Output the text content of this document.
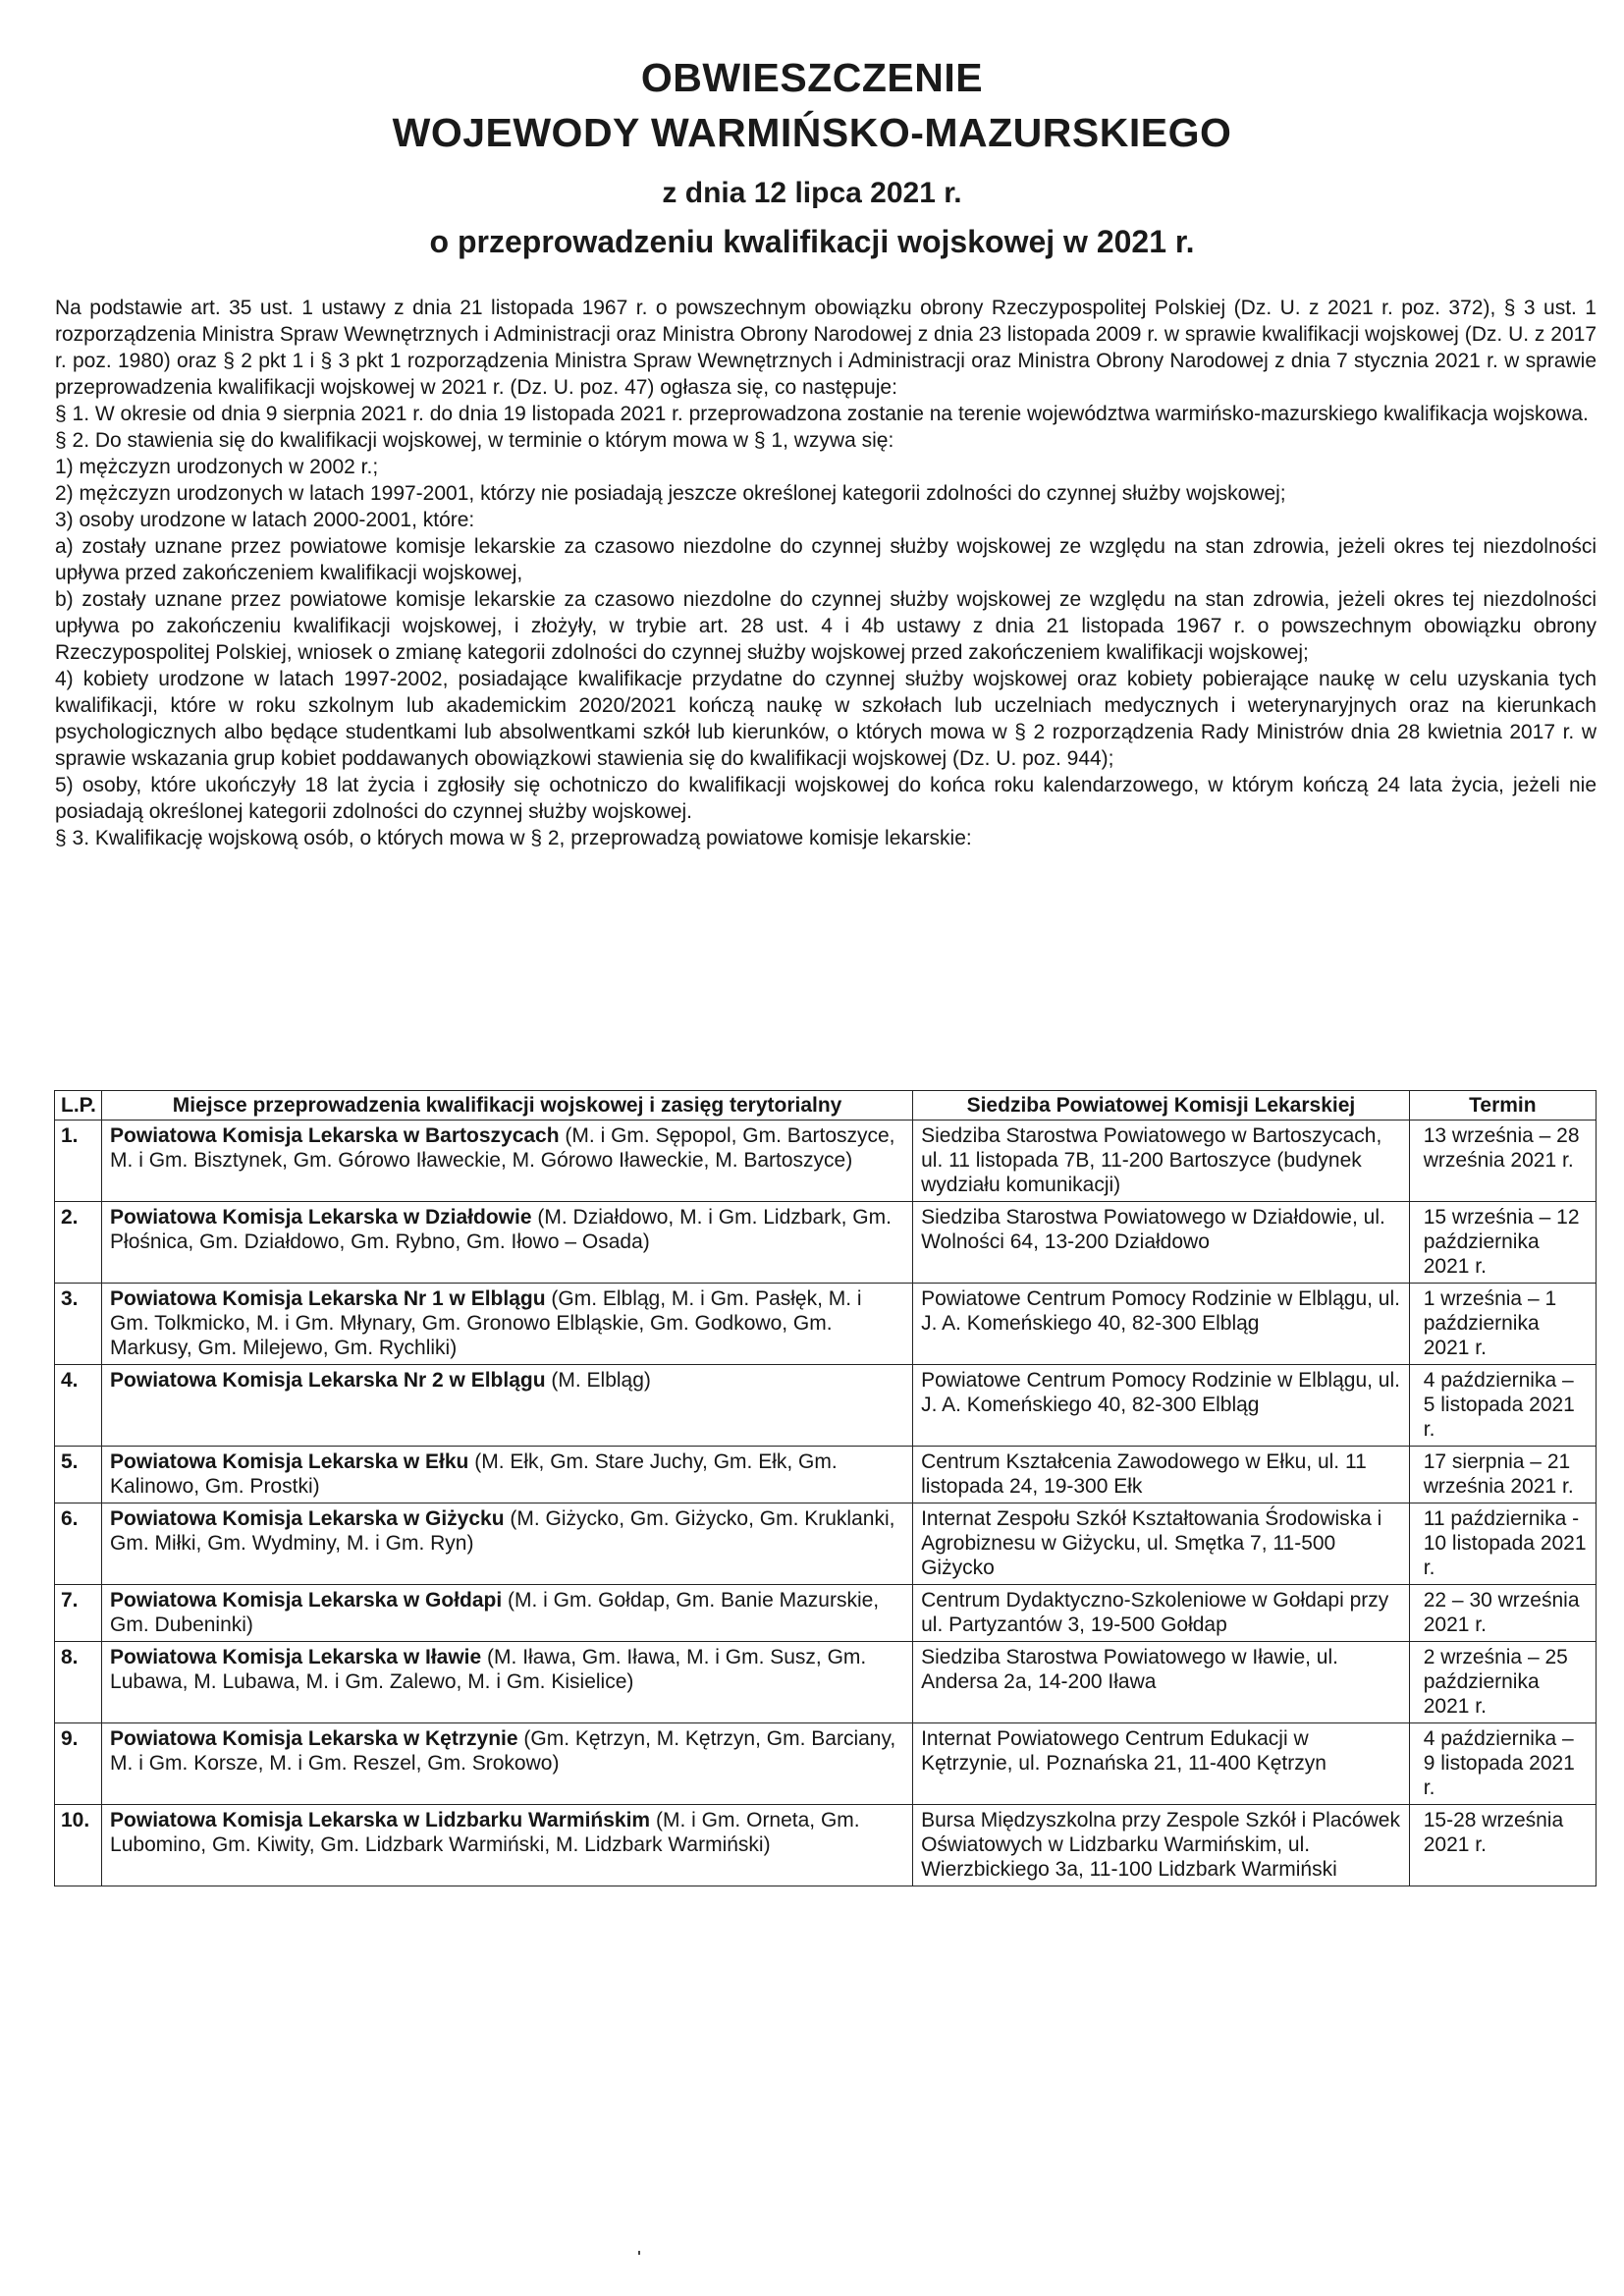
OBWIESZCZENIE
WOJEWODY WARMIŃSKO-MAZURSKIEGO
z dnia 12 lipca 2021 r.
o przeprowadzeniu kwalifikacji wojskowej w 2021 r.

Na podstawie art. 35 ust. 1 ustawy z dnia 21 listopada 1967 r. o powszechnym obowiązku obrony Rzeczypospolitej Polskiej (Dz. U. z 2021 r. poz. 372), § 3 ust. 1 rozporządzenia Ministra Spraw Wewnętrznych i Administracji oraz Ministra Obrony Narodowej z dnia 23 listopada 2009 r. w sprawie kwalifikacji wojskowej (Dz. U. z 2017 r. poz. 1980) oraz § 2 pkt 1 i § 3 pkt 1 rozporządzenia Ministra Spraw Wewnętrznych i Administracji oraz Ministra Obrony Narodowej z dnia 7 stycznia 2021 r. w sprawie przeprowadzenia kwalifikacji wojskowej w 2021 r. (Dz. U. poz. 47) ogłasza się, co następuje:

§ 1. W okresie od dnia 9 sierpnia 2021 r. do dnia 19 listopada 2021 r. przeprowadzona zostanie na terenie województwa warmińsko-mazurskiego kwalifikacja wojskowa.

§ 2. Do stawienia się do kwalifikacji wojskowej, w terminie o którym mowa w § 1, wzywa się:

1) mężczyzn urodzonych w 2002 r.;

2) mężczyzn urodzonych w latach 1997-2001, którzy nie posiadają jeszcze określonej kategorii zdolności do czynnej służby wojskowej;

3) osoby urodzone w latach 2000-2001, które:

a) zostały uznane przez powiatowe komisje lekarskie za czasowo niezdolne do czynnej służby wojskowej ze względu na stan zdrowia, jeżeli okres tej niezdolności upływa przed zakończeniem kwalifikacji wojskowej,

b) zostały uznane przez powiatowe komisje lekarskie za czasowo niezdolne do czynnej służby wojskowej ze względu na stan zdrowia, jeżeli okres tej niezdolności upływa po zakończeniu kwalifikacji wojskowej, i złożyły, w trybie art. 28 ust. 4 i 4b ustawy z dnia 21 listopada 1967 r. o powszechnym obowiązku obrony Rzeczypospolitej Polskiej, wniosek o zmianę kategorii zdolności do czynnej służby wojskowej przed zakończeniem kwalifikacji wojskowej;

4) kobiety urodzone w latach 1997-2002, posiadające kwalifikacje przydatne do czynnej służby wojskowej oraz kobiety pobierające naukę w celu uzyskania tych kwalifikacji, które w roku szkolnym lub akademickim 2020/2021 kończą naukę w szkołach lub uczelniach medycznych i weterynaryjnych oraz na kierunkach psychologicznych albo będące studentkami lub absolwentkami szkół lub kierunków, o których mowa w § 2 rozporządzenia Rady Ministrów dnia 28 kwietnia 2017 r. w sprawie wskazania grup kobiet poddawanych obowiązkowi stawienia się do kwalifikacji wojskowej (Dz. U. poz. 944);

5) osoby, które ukończyły 18 lat życia i zgłosiły się ochotniczo do kwalifikacji wojskowej do końca roku kalendarzowego, w którym kończą 24 lata życia, jeżeli nie posiadają określonej kategorii zdolności do czynnej służby wojskowej.

§ 3. Kwalifikację wojskową osób, o których mowa w § 2, przeprowadzą powiatowe komisje lekarskie:

L.P.	Miejsce przeprowadzenia kwalifikacji wojskowej i zasięg terytorialny	Siedziba Powiatowej Komisji Lekarskiej	Termin
1.	Powiatowa Komisja Lekarska w Bartoszycach (M. i Gm. Sępopol, Gm. Bartoszyce, M. i Gm. Bisztynek, Gm. Górowo Iławeckie, M. Górowo Iławeckie, M. Bartoszyce)	Siedziba Starostwa Powiatowego w Bartoszycach, ul. 11 listopada 7B, 11-200 Bartoszyce (budynek wydziału komunikacji)	13 września – 28 września 2021 r.
2.	Powiatowa Komisja Lekarska w Działdowie (M. Działdowo, M. i Gm. Lidzbark, Gm. Płośnica, Gm. Działdowo, Gm. Rybno, Gm. Iłowo – Osada)	Siedziba Starostwa Powiatowego w Działdowie, ul. Wolności 64, 13-200 Działdowo	15 września – 12 października 2021 r.
3.	Powiatowa Komisja Lekarska Nr 1 w Elblągu (Gm. Elbląg, M. i Gm. Pasłęk, M. i Gm. Tolkmicko, M. i Gm. Młynary, Gm. Gronowo Elbląskie, Gm. Godkowo, Gm. Markusy, Gm. Milejewo, Gm. Rychliki)	Powiatowe Centrum Pomocy Rodzinie w Elblągu, ul. J. A. Komeńskiego 40, 82-300 Elbląg	1 września – 1 października 2021 r.
4.	Powiatowa Komisja Lekarska Nr 2 w Elblągu (M. Elbląg)	Powiatowe Centrum Pomocy Rodzinie w Elblągu, ul. J. A. Komeńskiego 40, 82-300 Elbląg	4 października – 5 listopada 2021 r.
5.	Powiatowa Komisja Lekarska w Ełku (M. Ełk, Gm. Stare Juchy, Gm. Ełk, Gm. Kalinowo, Gm. Prostki)	Centrum Kształcenia Zawodowego w Ełku, ul. 11 listopada 24, 19-300 Ełk	17 sierpnia – 21 września 2021 r.
6.	Powiatowa Komisja Lekarska w Giżycku (M. Giżycko, Gm. Giżycko, Gm. Kruklanki, Gm. Miłki, Gm. Wydminy, M. i Gm. Ryn)	Internat Zespołu Szkół Kształtowania Środowiska i Agrobiznesu w Giżycku, ul. Smętka 7, 11-500 Giżycko	11 października - 10 listopada 2021 r.
7.	Powiatowa Komisja Lekarska w Gołdapi (M. i Gm. Gołdap, Gm. Banie Mazurskie, Gm. Dubeninki)	Centrum Dydaktyczno-Szkoleniowe w Gołdapi przy ul. Partyzantów 3, 19-500 Gołdap	22 – 30 września 2021 r.
8.	Powiatowa Komisja Lekarska w Iławie (M. Iława, Gm. Iława, M. i Gm. Susz, Gm. Lubawa, M. Lubawa, M. i Gm. Zalewo, M. i Gm. Kisielice)	Siedziba Starostwa Powiatowego w Iławie, ul. Andersa 2a, 14-200 Iława	2 września – 25 października 2021 r.
9.	Powiatowa Komisja Lekarska w Kętrzynie (Gm. Kętrzyn, M. Kętrzyn, Gm. Barciany, M. i Gm. Korsze, M. i Gm. Reszel, Gm. Srokowo)	Internat Powiatowego Centrum Edukacji w Kętrzynie, ul. Poznańska 21, 11-400 Kętrzyn	4 października – 9 listopada 2021 r.
10.	Powiatowa Komisja Lekarska w Lidzbarku Warmińskim (M. i Gm. Orneta, Gm. Lubomino, Gm. Kiwity, Gm. Lidzbark Warmiński, M. Lidzbark Warmiński)	Bursa Międzyszkolna przy Zespole Szkół i Placówek Oświatowych w Lidzbarku Warmińskim, ul. Wierzbickiego 3a, 11-100 Lidzbark Warmiński	15-28 września 2021 r.
